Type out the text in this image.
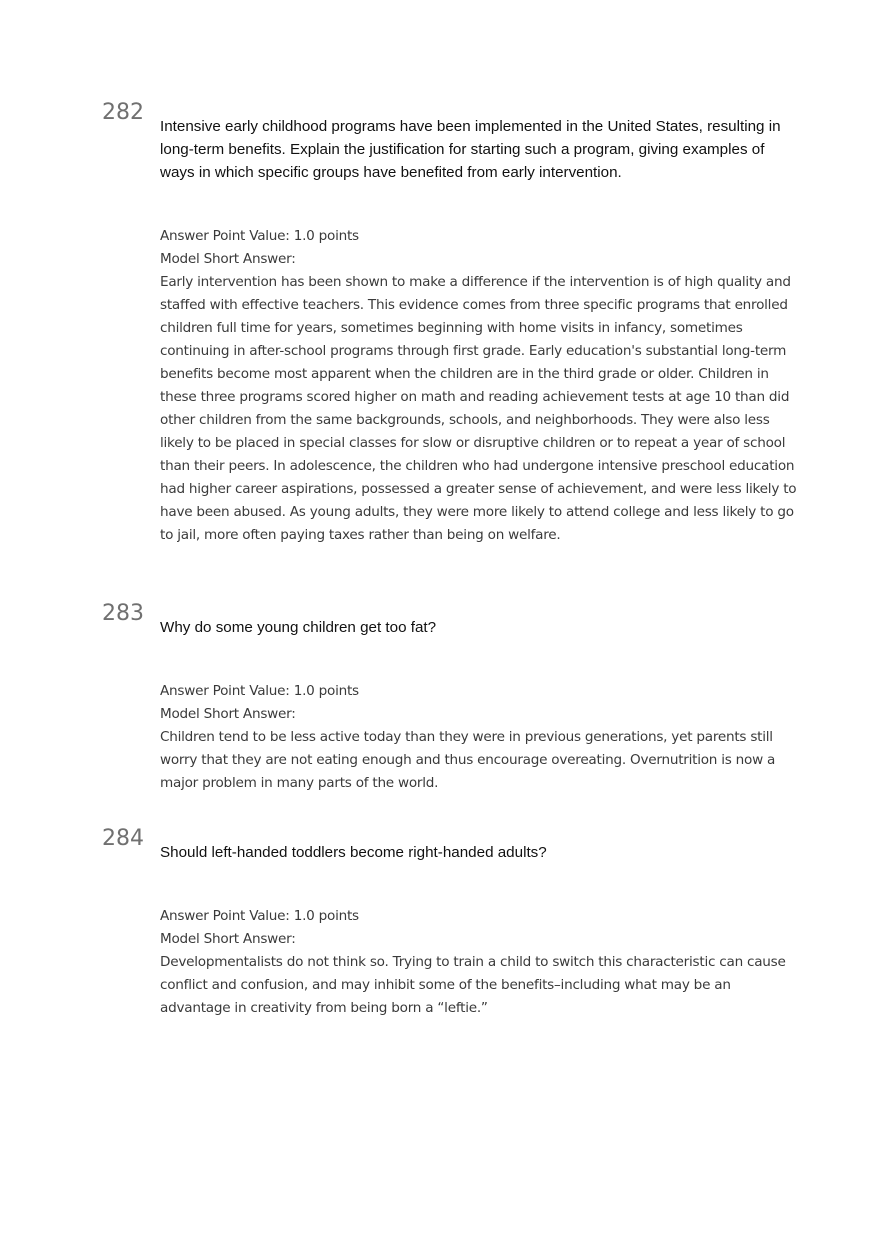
282

Intensive early childhood programs have been implemented in the United States, resulting in long-term benefits. Explain the justification for starting such a program, giving examples of ways in which specific groups have benefited from early intervention.

Answer Point Value: 1.0 points
Model Short Answer:
Early intervention has been shown to make a difference if the intervention is of high quality and staffed with effective teachers. This evidence comes from three specific programs that enrolled children full time for years, sometimes beginning with home visits in infancy, sometimes continuing in after-school programs through first grade. Early education's substantial long-term benefits become most apparent when the children are in the third grade or older. Children in these three programs scored higher on math and reading achievement tests at age 10 than did other children from the same backgrounds, schools, and neighborhoods. They were also less likely to be placed in special classes for slow or disruptive children or to repeat a year of school than their peers. In adolescence, the children who had undergone intensive preschool education had higher career aspirations, possessed a greater sense of achievement, and were less likely to have been abused. As young adults, they were more likely to attend college and less likely to go to jail, more often paying taxes rather than being on welfare.
283

Why do some young children get too fat?

Answer Point Value: 1.0 points
Model Short Answer:
Children tend to be less active today than they were in previous generations, yet parents still worry that they are not eating enough and thus encourage overeating. Overnutrition is now a major problem in many parts of the world.
284

Should left-handed toddlers become right-handed adults?

Answer Point Value: 1.0 points
Model Short Answer:
Developmentalists do not think so. Trying to train a child to switch this characteristic can cause conflict and confusion, and may inhibit some of the benefits–including what may be an advantage in creativity from being born a “leftie.”
